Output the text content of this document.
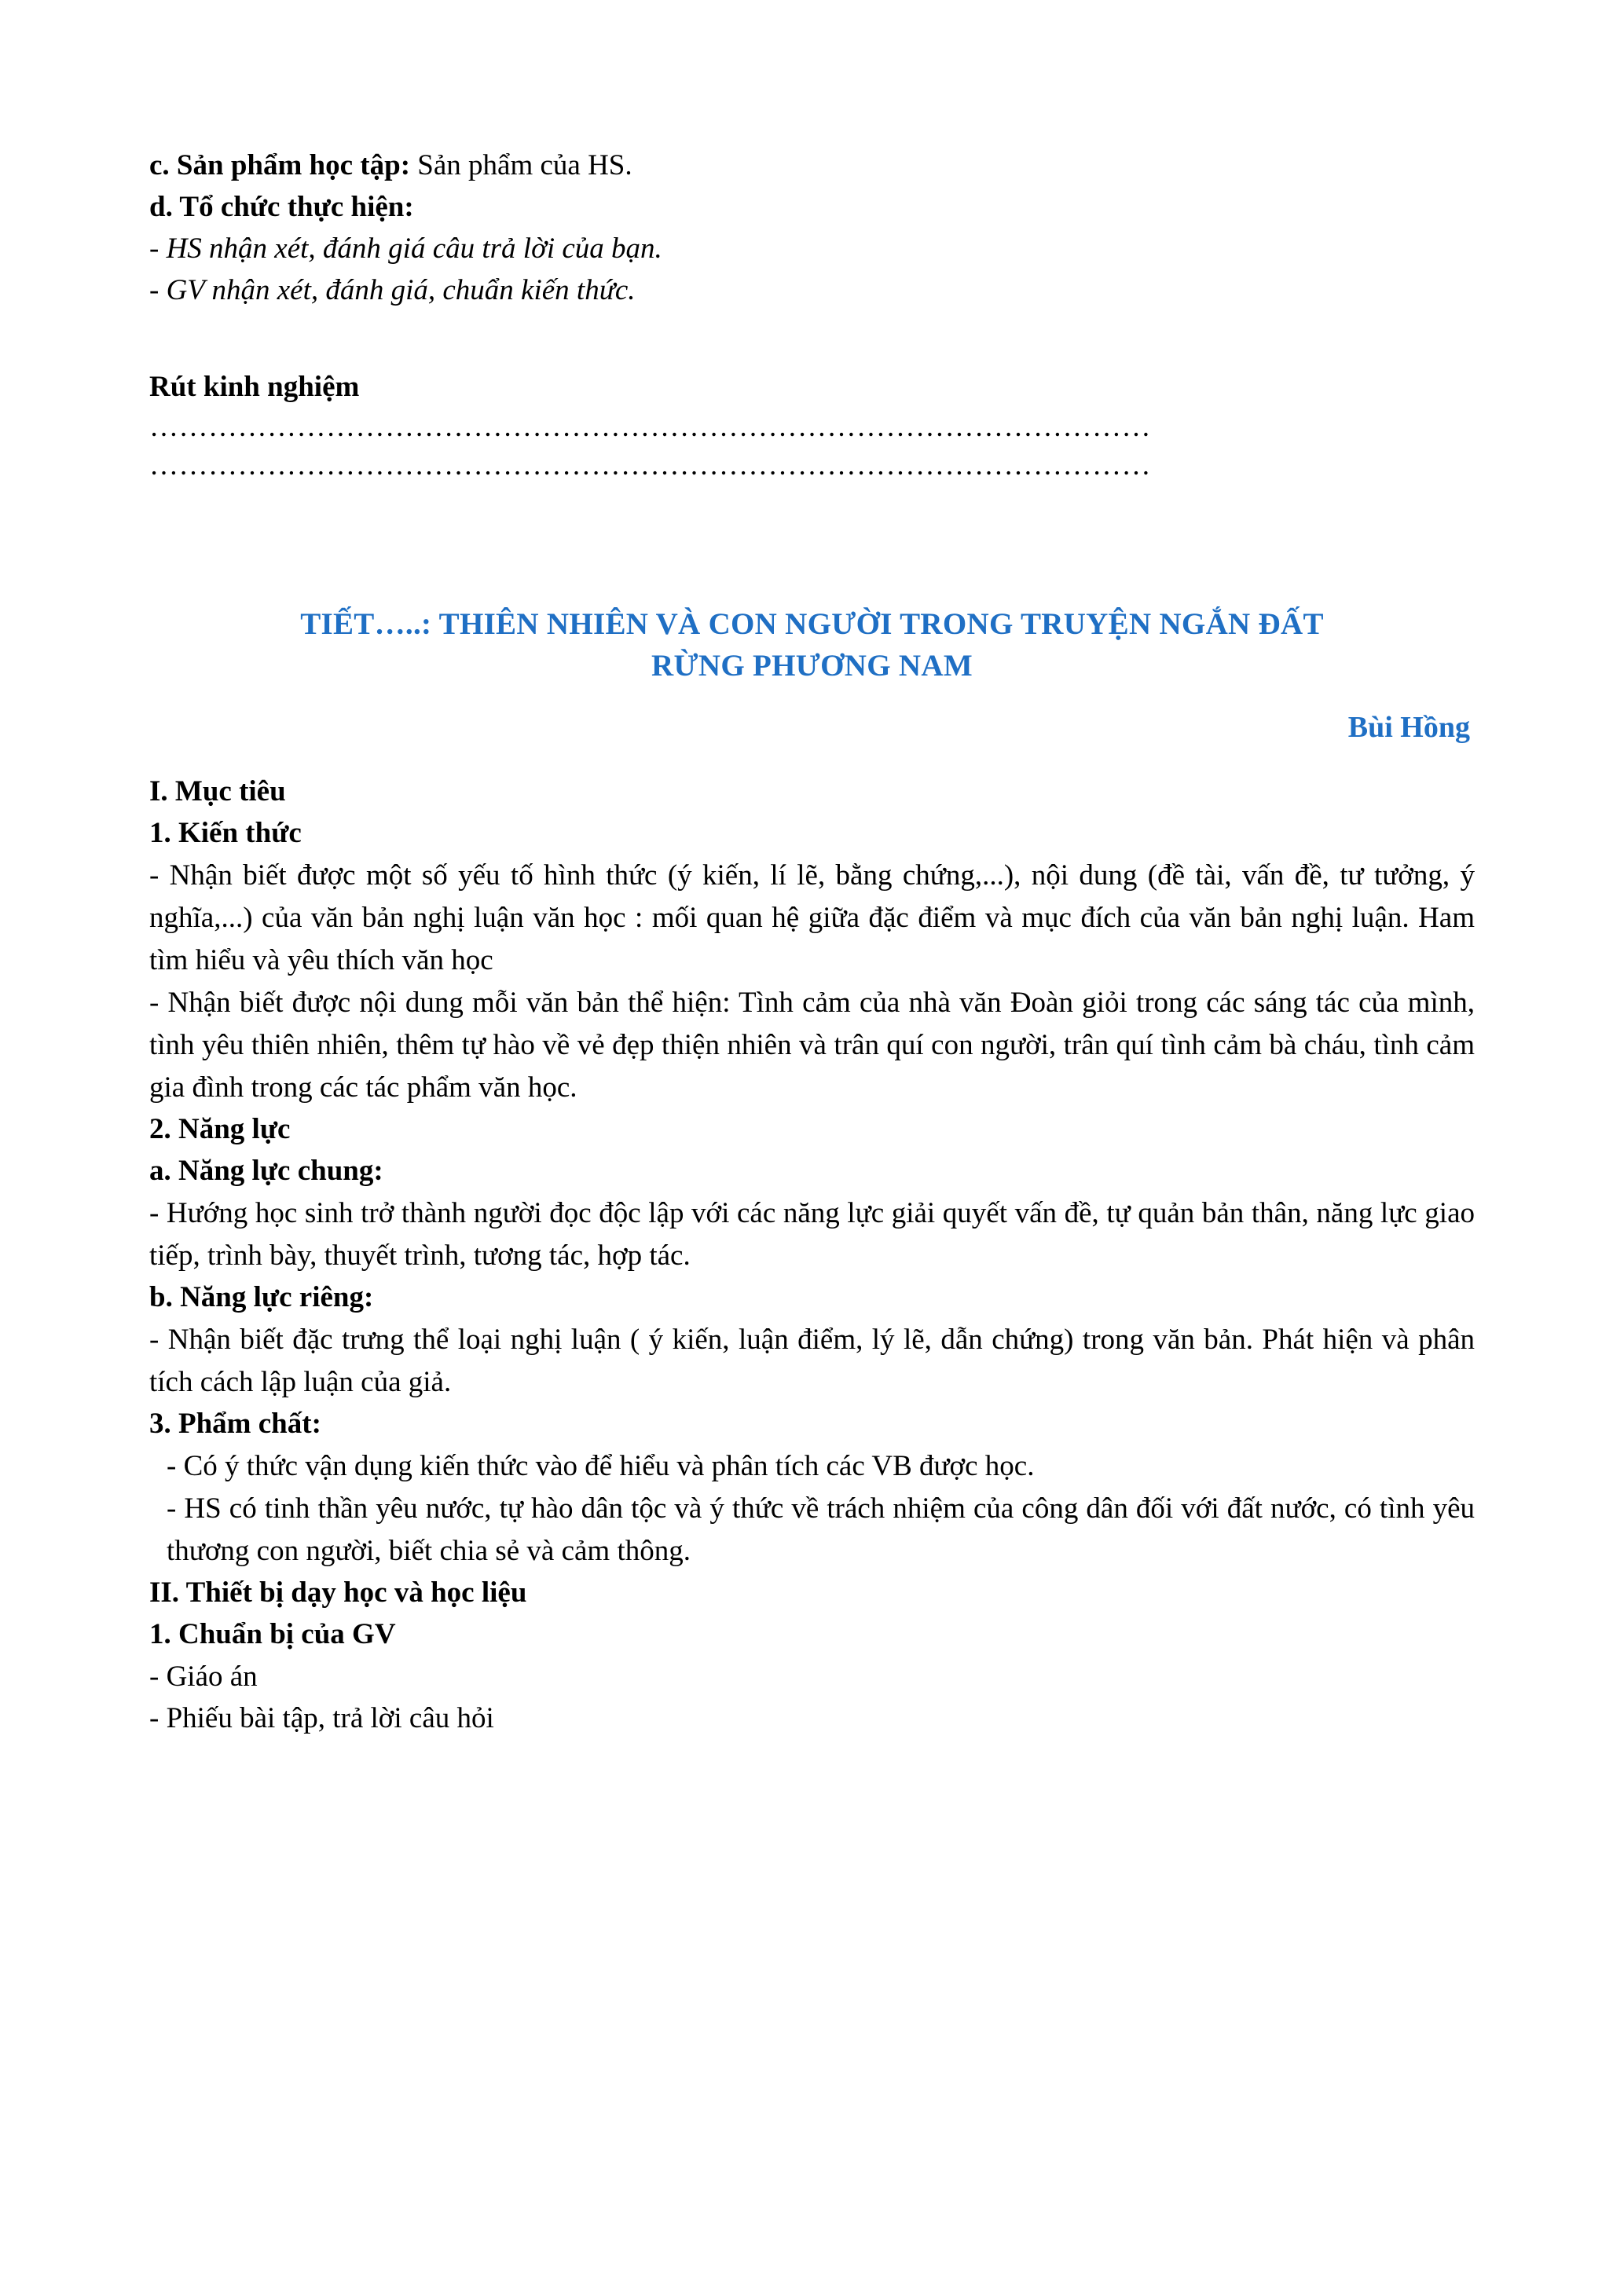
c. Sản phẩm học tập: Sản phẩm của HS.

d. Tổ chức thực hiện:

- HS nhận xét, đánh giá câu trả lời của bạn.

- GV nhận xét, đánh giá, chuẩn kiến thức.

Rút kinh nghiệm

…………………………………………………………………………………………

…………………………………………………………………………………………

TIẾT…..: THIÊN NHIÊN VÀ CON NGƯỜI TRONG TRUYỆN NGẮN ĐẤT
RỪNG PHƯƠNG NAM
Bùi Hồng

I. Mục tiêu

1. Kiến thức

- Nhận biết được một số yếu tố hình thức (ý kiến, lí lẽ, bằng chứng,...), nội dung (đề tài, vấn đề, tư tưởng, ý nghĩa,...) của văn bản nghị luận văn học : mối quan hệ giữa đặc điểm và mục đích của văn bản nghị luận. Ham tìm hiểu và yêu thích văn học

- Nhận biết được nội dung mỗi văn bản thể hiện: Tình cảm của nhà văn Đoàn giỏi trong các sáng tác của mình, tình yêu thiên nhiên, thêm tự hào về vẻ đẹp thiện nhiên và trân quí con người, trân quí tình cảm bà cháu, tình cảm gia đình trong các tác phẩm văn học.

2. Năng lực

a. Năng lực chung:

- Hướng học sinh trở thành người đọc độc lập với các năng lực giải quyết vấn đề, tự quản bản thân, năng lực giao tiếp, trình bày, thuyết trình, tương tác, hợp tác.

b. Năng lực riêng:

- Nhận biết đặc trưng thể loại nghị luận ( ý kiến, luận điểm, lý lẽ, dẫn chứng) trong văn bản. Phát hiện và phân tích cách lập luận của giả.

3. Phẩm chất:

- Có ý thức vận dụng kiến thức vào để hiểu và phân tích các VB được học.

- HS có tinh thần yêu nước, tự hào dân tộc và ý thức về trách nhiệm của công dân đối với đất nước, có tình yêu thương con người, biết chia sẻ và cảm thông.

II. Thiết bị dạy học và học liệu

1. Chuẩn bị của GV

- Giáo án

- Phiếu bài tập, trả lời câu hỏi
